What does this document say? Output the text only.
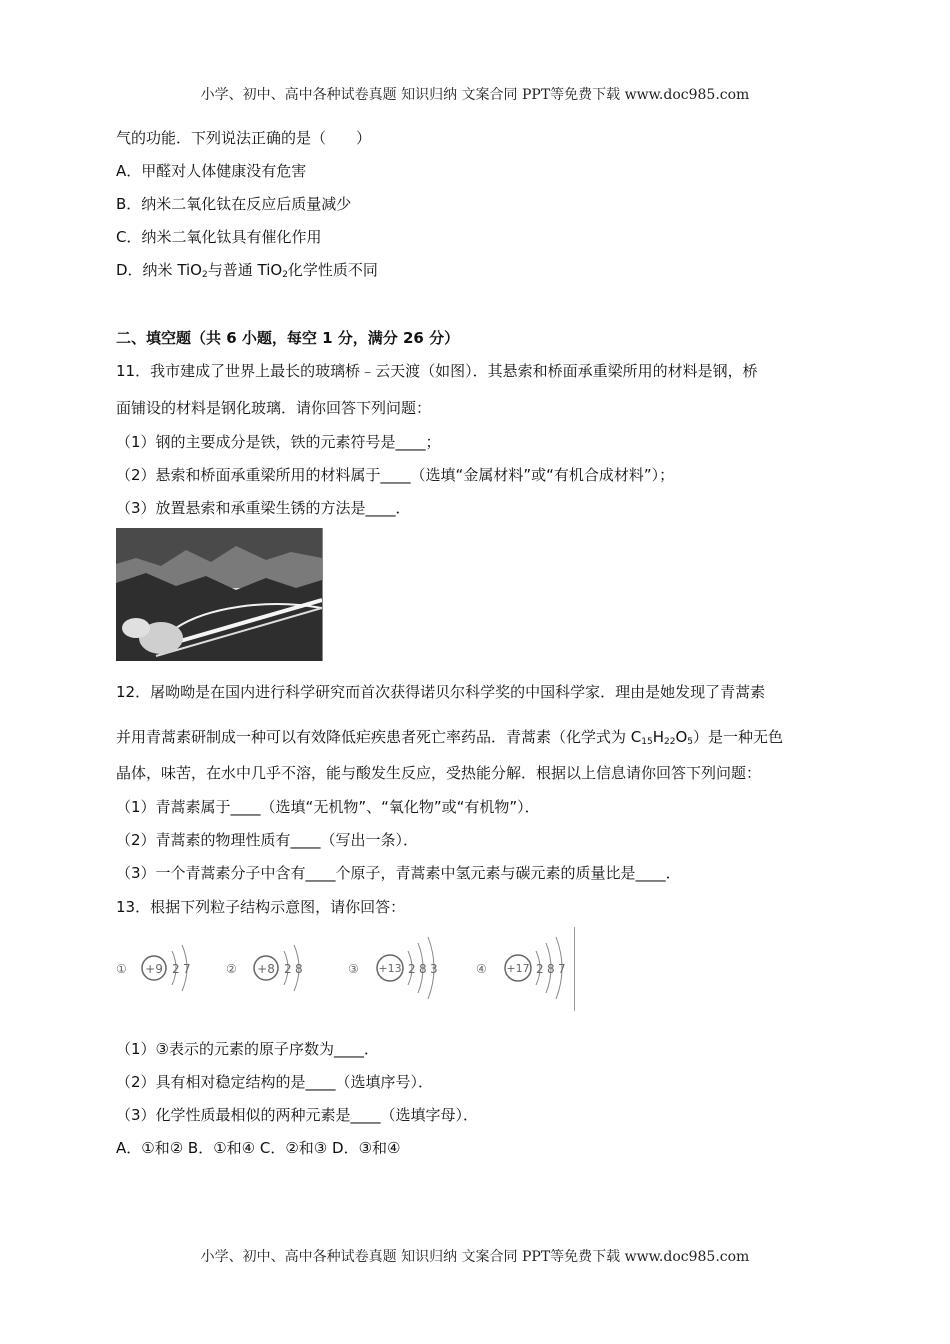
小学、初中、高中各种试卷真题 知识归纳 文案合同 PPT等免费下载 www.doc985.com
气的功能．下列说法正确的是（　　）
A．甲醛对人体健康没有危害
B．纳米二氧化钛在反应后质量减少
C．纳米二氧化钛具有催化作用
D．纳米 TiO$_2$与普通 TiO$_2$化学性质不同
二、填空题（共 6 小题，每空 1 分，满分 26 分）
11．我市建成了世界上最长的玻璃桥﹣云天渡（如图）．其悬索和桥面承重梁所用的材料是钢，桥
面铺设的材料是钢化玻璃．请你回答下列问题：
（1）钢的主要成分是铁，铁的元素符号是____；
（2）悬索和桥面承重梁所用的材料属于____（选填“金属材料”或“有机合成材料”）；
（3）放置悬索和承重梁生锈的方法是____．
12．屠呦呦是在国内进行科学研究而首次获得诺贝尔科学奖的中国科学家．理由是她发现了青蒿素
并用青蒿素研制成一种可以有效降低疟疾患者死亡率药品．青蒿素（化学式为 $C_{15}H_{22}O_5$）是一种无色
晶体，味苦，在水中几乎不溶，能与酸发生反应，受热能分解．根据以上信息请你回答下列问题：
（1）青蒿素属于____（选填“无机物”、“氧化物”或“有机物”）．
（2）青蒿素的物理性质有____（写出一条）．
（3）一个青蒿素分子中含有____个原子，青蒿素中氢元素与碳元素的质量比是____．
13．根据下列粒子结构示意图，请你回答：
① +9 2 7	② +8 2 8	③ +13 2 8 3	④ +17 2 8 7
（1）③表示的元素的原子序数为____．
（2）具有相对稳定结构的是____（选填序号）．
（3）化学性质最相似的两种元素是____（选填字母）．
A．①和② B．①和④ C．②和③ D．③和④
小学、初中、高中各种试卷真题 知识归纳 文案合同 PPT等免费下载 www.doc985.com
